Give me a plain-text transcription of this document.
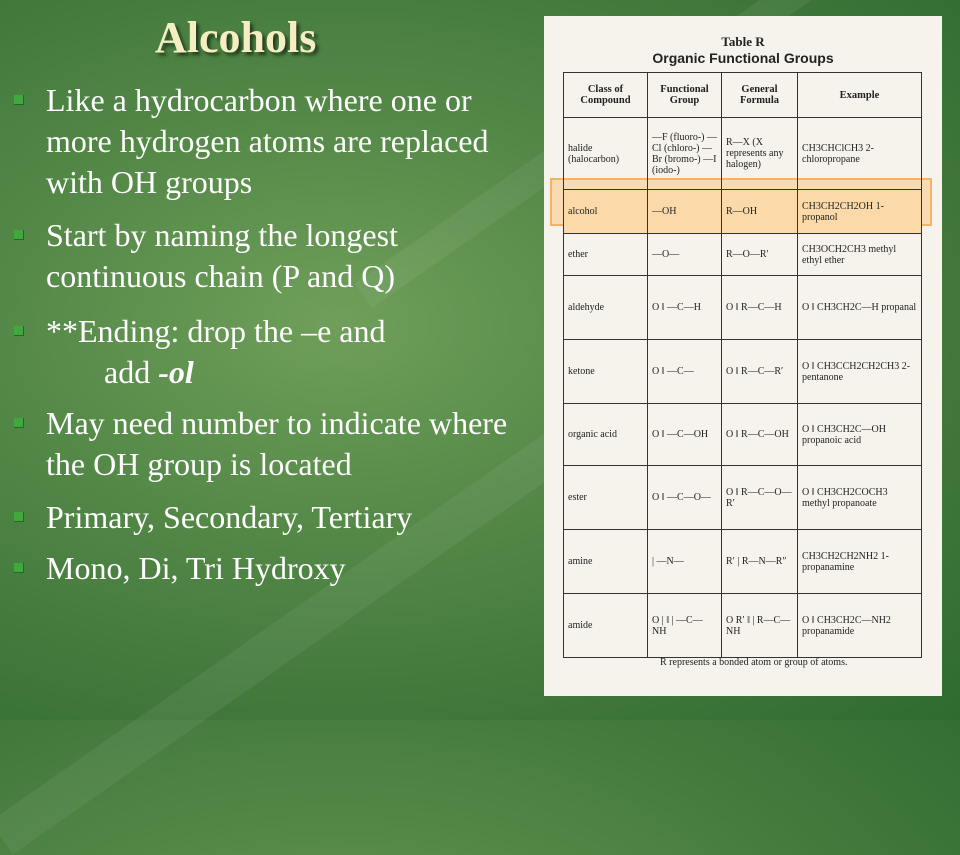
Alcohols
Like a hydrocarbon where one or more hydrogen atoms are replaced with OH groups
Start by naming the longest continuous chain (P and Q)
**Ending: drop the –e and
add -ol
May need number to indicate where the OH group is located
Primary, Secondary, Tertiary
Mono, Di, Tri Hydroxy
Table R
Organic Functional Groups
Class of Compound	Functional Group	General Formula	Example
halide (halocarbon)	—F (fluoro-) —Cl (chloro-) —Br (bromo-) —I (iodo-)	R—X (X represents any halogen)	CH3CHClCH3 2-chloropropane
alcohol	—OH	R—OH	CH3CH2CH2OH 1-propanol
ether	—O—	R—O—R′	CH3OCH2CH3 methyl ethyl ether
aldehyde	O ‖ —C—H	O ‖ R—C—H	O ‖ CH3CH2C—H propanal
ketone	O ‖ —C—	O ‖ R—C—R′	O ‖ CH3CCH2CH2CH3 2-pentanone
organic acid	O ‖ —C—OH	O ‖ R—C—OH	O ‖ CH3CH2C—OH propanoic acid
ester	O ‖ —C—O—	O ‖ R—C—O—R′	O ‖ CH3CH2COCH3 methyl propanoate
amine	| —N—	R′ | R—N—R″	CH3CH2CH2NH2 1-propanamine
amide	O | ‖ | —C—NH	O R′ ‖ | R—C—NH	O ‖ CH3CH2C—NH2 propanamide
R represents a bonded atom or group of atoms.
